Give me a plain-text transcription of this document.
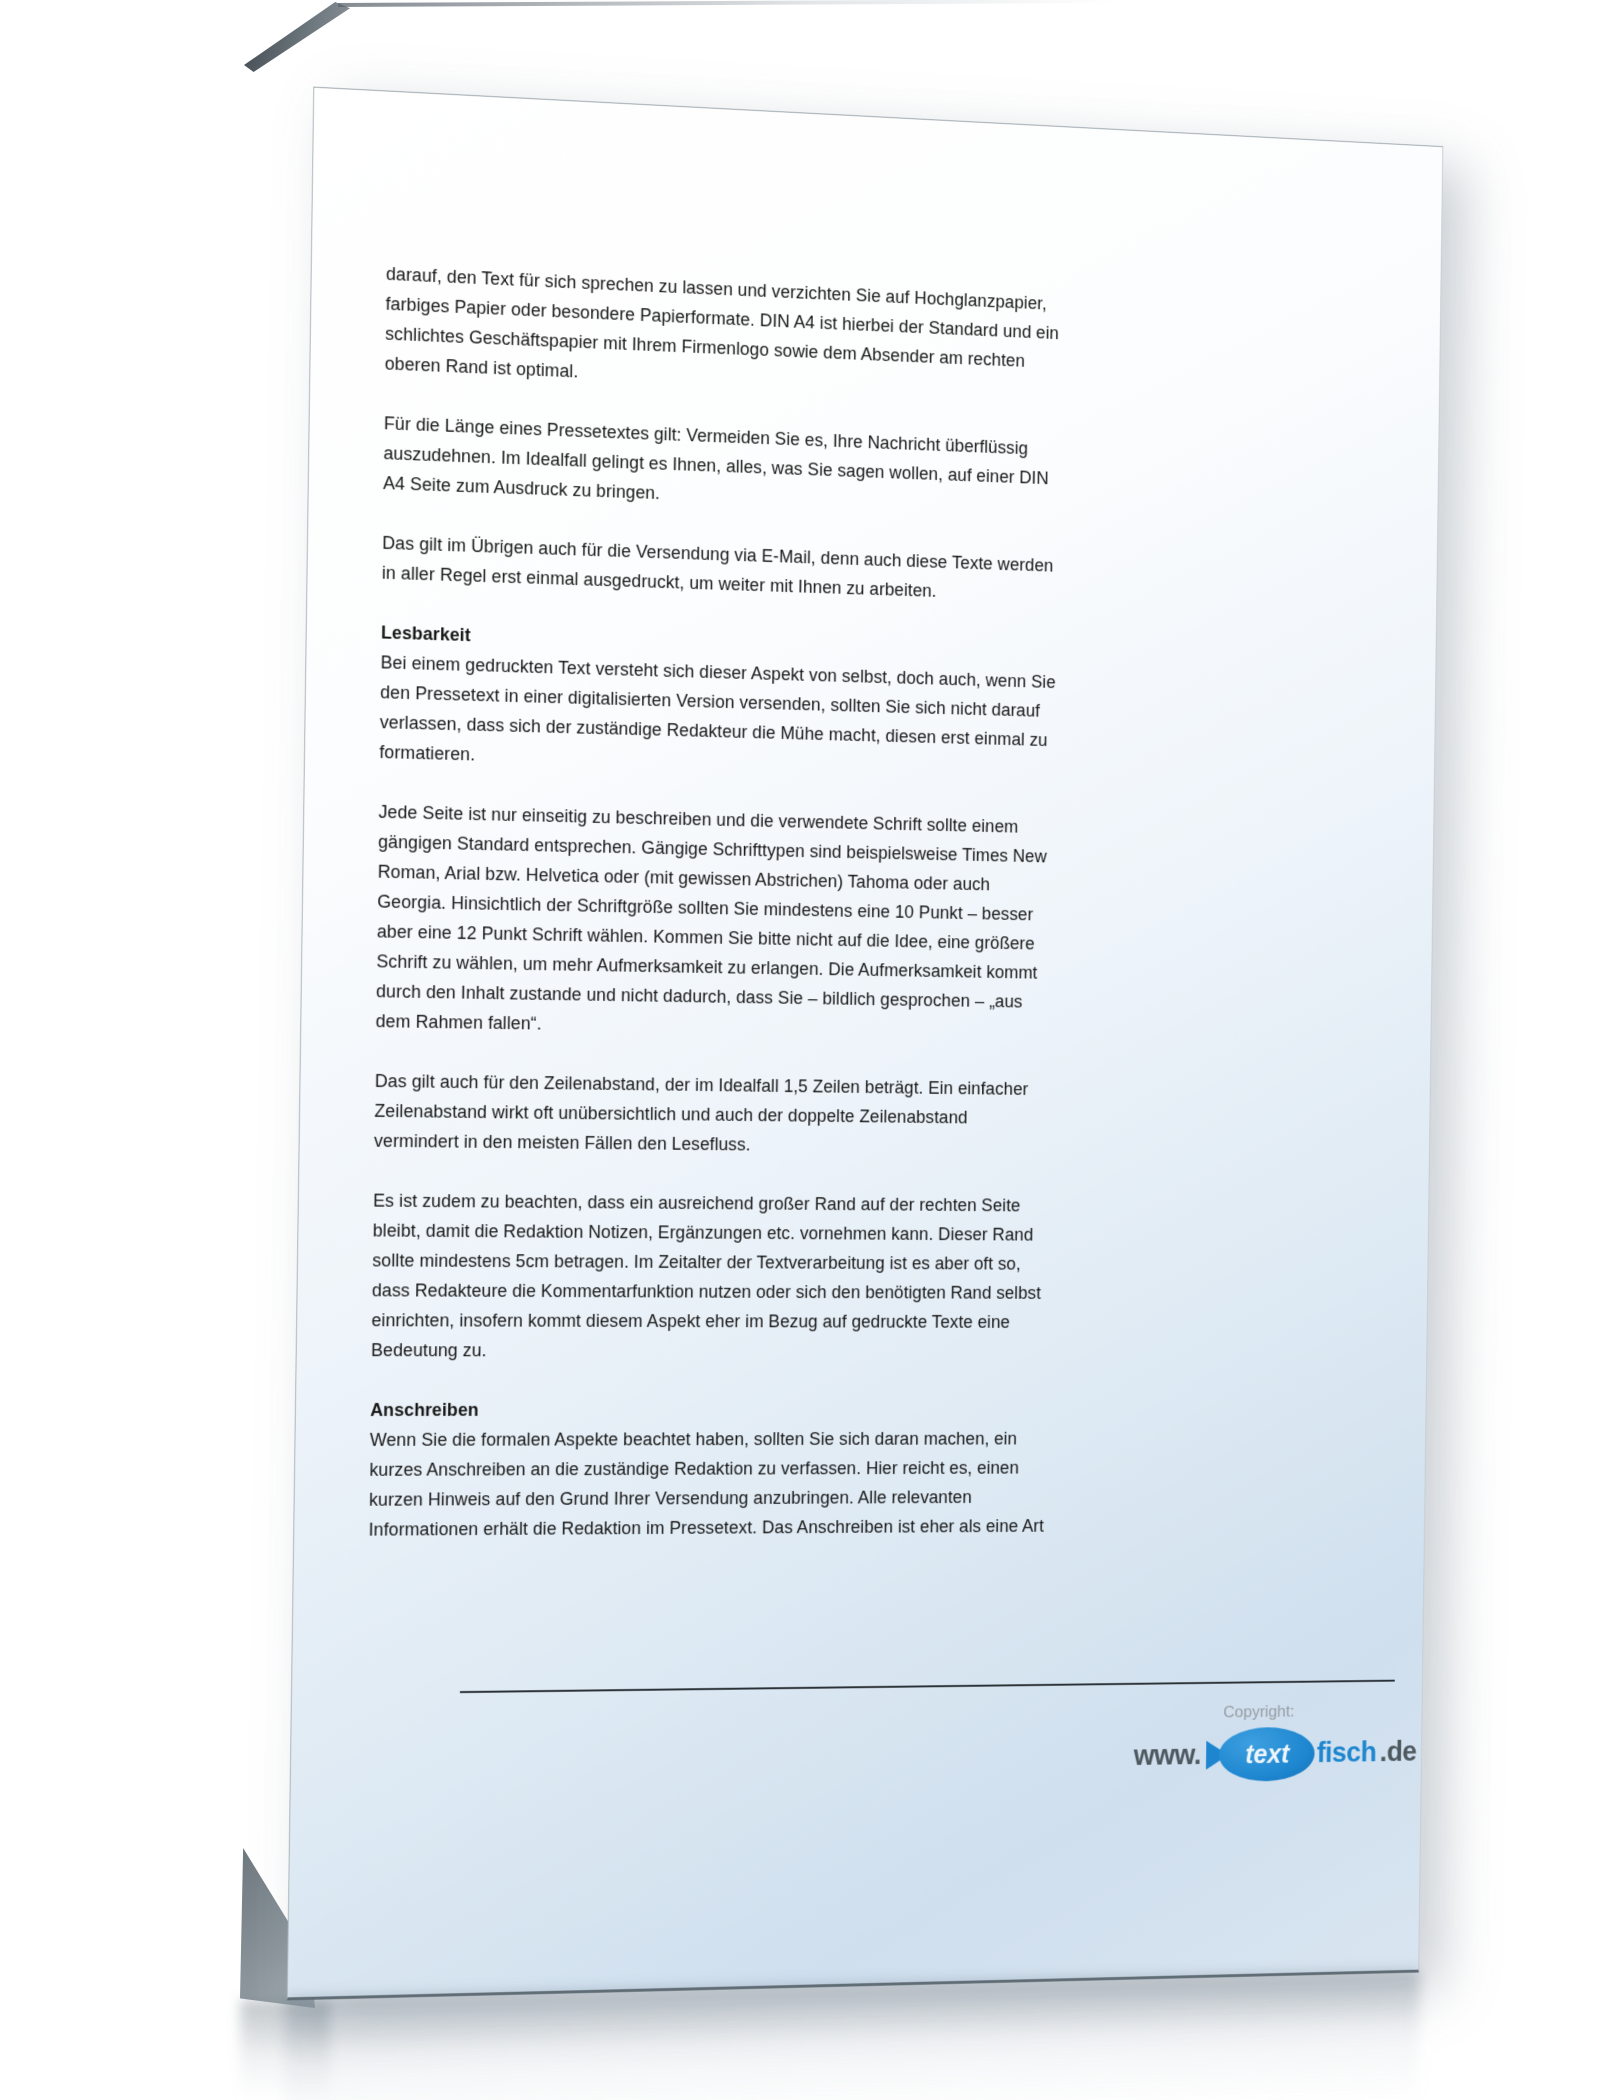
darauf, den Text für sich sprechen zu lassen und verzichten Sie auf Hochglanzpapier, farbiges Papier oder besondere Papierformate. DIN A4 ist hierbei der Standard und ein schlichtes Geschäftspapier mit Ihrem Firmenlogo sowie dem Absender am rechten oberen Rand ist optimal.
Für die Länge eines Pressetextes gilt: Vermeiden Sie es, Ihre Nachricht überflüssig auszudehnen. Im Idealfall gelingt es Ihnen, alles, was Sie sagen wollen, auf einer DIN A4 Seite zum Ausdruck zu bringen.
Das gilt im Übrigen auch für die Versendung via E-Mail, denn auch diese Texte werden in aller Regel erst einmal ausgedruckt, um weiter mit Ihnen zu arbeiten.
Lesbarkeit
Bei einem gedruckten Text versteht sich dieser Aspekt von selbst, doch auch, wenn Sie den Pressetext in einer digitalisierten Version versenden, sollten Sie sich nicht darauf verlassen, dass sich der zuständige Redakteur die Mühe macht, diesen erst einmal zu formatieren.
Jede Seite ist nur einseitig zu beschreiben und die verwendete Schrift sollte einem gängigen Standard entsprechen. Gängige Schrifttypen sind beispielsweise Times New Roman, Arial bzw. Helvetica oder (mit gewissen Abstrichen) Tahoma oder auch Georgia. Hinsichtlich der Schriftgröße sollten Sie mindestens eine 10 Punkt – besser aber eine 12 Punkt Schrift wählen. Kommen Sie bitte nicht auf die Idee, eine größere Schrift zu wählen, um mehr Aufmerksamkeit zu erlangen. Die Aufmerksamkeit kommt durch den Inhalt zustande und nicht dadurch, dass Sie – bildlich gesprochen – „aus dem Rahmen fallen“.
Das gilt auch für den Zeilenabstand, der im Idealfall 1,5 Zeilen beträgt. Ein einfacher Zeilenabstand wirkt oft unübersichtlich und auch der doppelte Zeilenabstand vermindert in den meisten Fällen den Lesefluss.
Es ist zudem zu beachten, dass ein ausreichend großer Rand auf der rechten Seite bleibt, damit die Redaktion Notizen, Ergänzungen etc. vornehmen kann. Dieser Rand sollte mindestens 5cm betragen. Im Zeitalter der Textverarbeitung ist es aber oft so, dass Redakteure die Kommentarfunktion nutzen oder sich den benötigten Rand selbst einrichten, insofern kommt diesem Aspekt eher im Bezug auf gedruckte Texte eine Bedeutung zu.
Anschreiben
Wenn Sie die formalen Aspekte beachtet haben, sollten Sie sich daran machen, ein kurzes Anschreiben an die zuständige Redaktion zu verfassen. Hier reicht es, einen kurzen Hinweis auf den Grund Ihrer Versendung anzubringen. Alle relevanten Informationen erhält die Redaktion im Pressetext. Das Anschreiben ist eher als eine Art
Copyright:
www. text fisch .de
